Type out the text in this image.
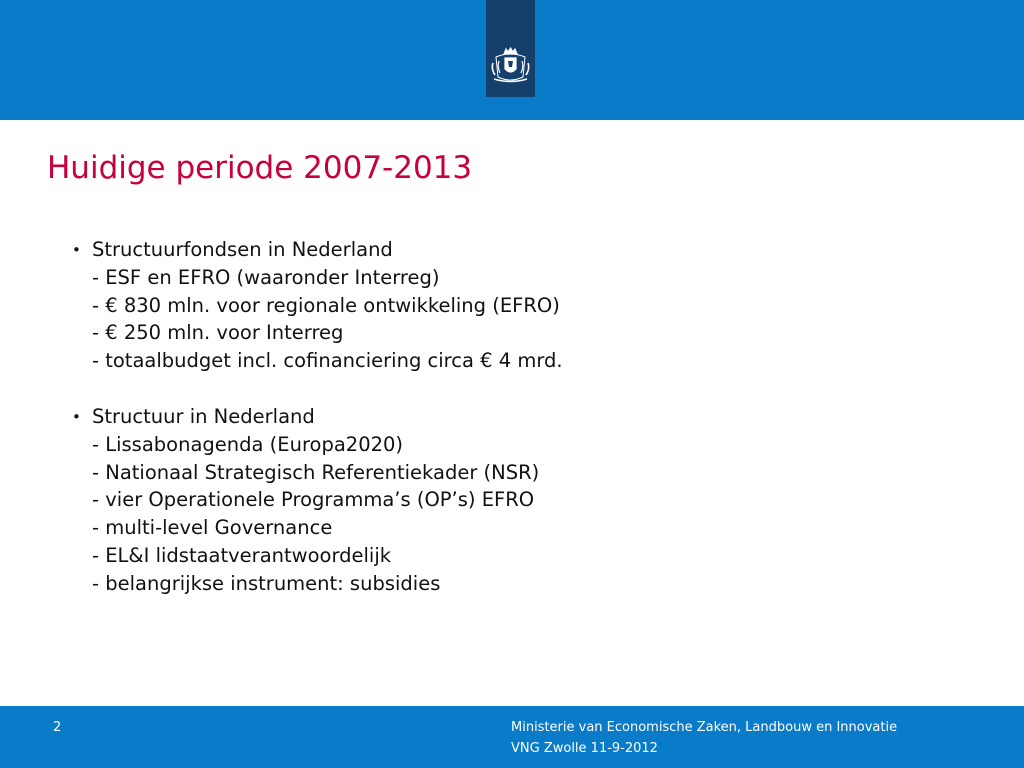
Huidige periode 2007-2013
• Structuurfondsen in Nederland
- ESF en EFRO (waaronder Interreg)
- € 830 mln. voor regionale ontwikkeling (EFRO)
- € 250 mln. voor Interreg
- totaalbudget incl. cofinanciering circa € 4 mrd.
• Structuur in Nederland
- Lissabonagenda (Europa2020)
- Nationaal Strategisch Referentiekader (NSR)
- vier Operationele Programma’s (OP’s) EFRO
- multi-level Governance
- EL&I lidstaatverantwoordelijk
- belangrijkse instrument: subsidies
2	Ministerie van Economische Zaken, Landbouw en Innovatie
VNG Zwolle 11-9-2012
